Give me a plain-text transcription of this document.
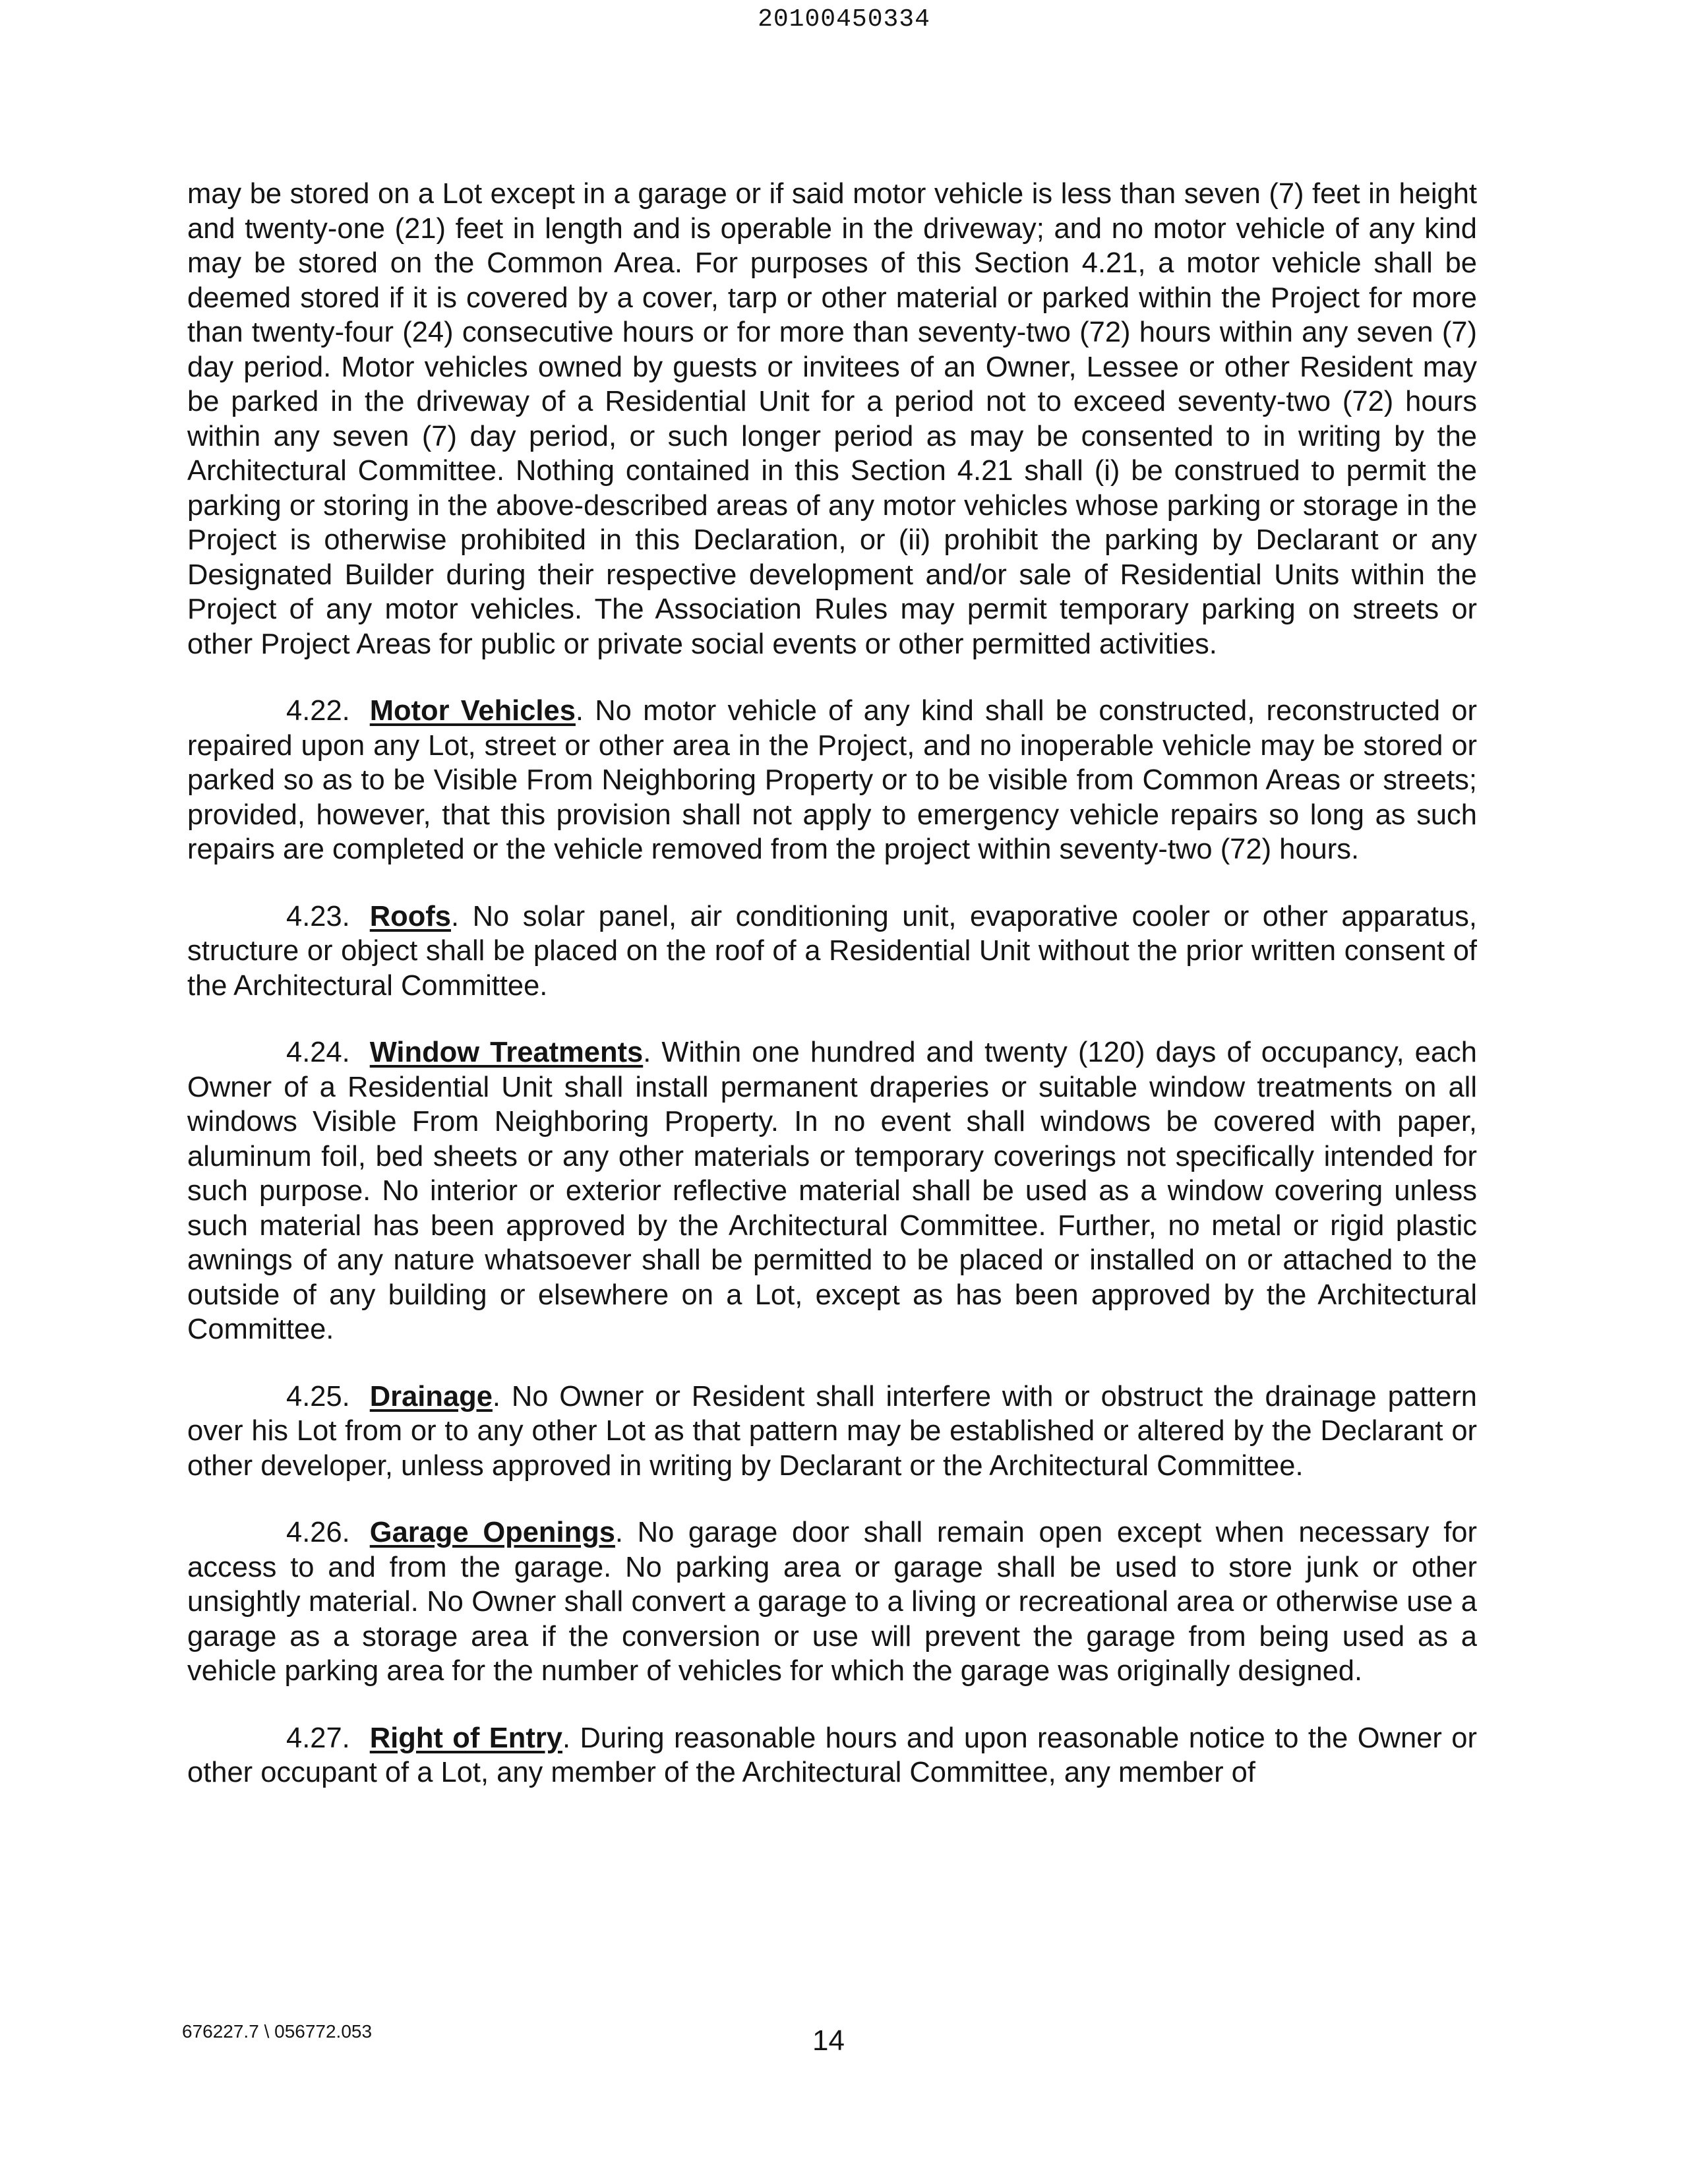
20100450334

may be stored on a Lot except in a garage or if said motor vehicle is less than seven (7) feet in height and twenty-one (21) feet in length and is operable in the driveway; and no motor vehicle of any kind may be stored on the Common Area. For purposes of this Section 4.21, a motor vehicle shall be deemed stored if it is covered by a cover, tarp or other material or parked within the Project for more than twenty-four (24) consecutive hours or for more than seventy-two (72) hours within any seven (7) day period. Motor vehicles owned by guests or invitees of an Owner, Lessee or other Resident may be parked in the driveway of a Residential Unit for a period not to exceed seventy-two (72) hours within any seven (7) day period, or such longer period as may be consented to in writing by the Architectural Committee. Nothing contained in this Section 4.21 shall (i) be construed to permit the parking or storing in the above-described areas of any motor vehicles whose parking or storage in the Project is otherwise prohibited in this Declaration, or (ii) prohibit the parking by Declarant or any Designated Builder during their respective development and/or sale of Residential Units within the Project of any motor vehicles. The Association Rules may permit temporary parking on streets or other Project Areas for public or private social events or other permitted activities.

4.22. Motor Vehicles. No motor vehicle of any kind shall be constructed, reconstructed or repaired upon any Lot, street or other area in the Project, and no inoperable vehicle may be stored or parked so as to be Visible From Neighboring Property or to be visible from Common Areas or streets; provided, however, that this provision shall not apply to emergency vehicle repairs so long as such repairs are completed or the vehicle removed from the project within seventy-two (72) hours.

4.23. Roofs. No solar panel, air conditioning unit, evaporative cooler or other apparatus, structure or object shall be placed on the roof of a Residential Unit without the prior written consent of the Architectural Committee.

4.24. Window Treatments. Within one hundred and twenty (120) days of occupancy, each Owner of a Residential Unit shall install permanent draperies or suitable window treatments on all windows Visible From Neighboring Property. In no event shall windows be covered with paper, aluminum foil, bed sheets or any other materials or temporary coverings not specifically intended for such purpose. No interior or exterior reflective material shall be used as a window covering unless such material has been approved by the Architectural Committee. Further, no metal or rigid plastic awnings of any nature whatsoever shall be permitted to be placed or installed on or attached to the outside of any building or elsewhere on a Lot, except as has been approved by the Architectural Committee.

4.25. Drainage. No Owner or Resident shall interfere with or obstruct the drainage pattern over his Lot from or to any other Lot as that pattern may be established or altered by the Declarant or other developer, unless approved in writing by Declarant or the Architectural Committee.

4.26. Garage Openings. No garage door shall remain open except when necessary for access to and from the garage. No parking area or garage shall be used to store junk or other unsightly material. No Owner shall convert a garage to a living or recreational area or otherwise use a garage as a storage area if the conversion or use will prevent the garage from being used as a vehicle parking area for the number of vehicles for which the garage was originally designed.

4.27. Right of Entry. During reasonable hours and upon reasonable notice to the Owner or other occupant of a Lot, any member of the Architectural Committee, any member of

676227.7 \ 056772.053	14
